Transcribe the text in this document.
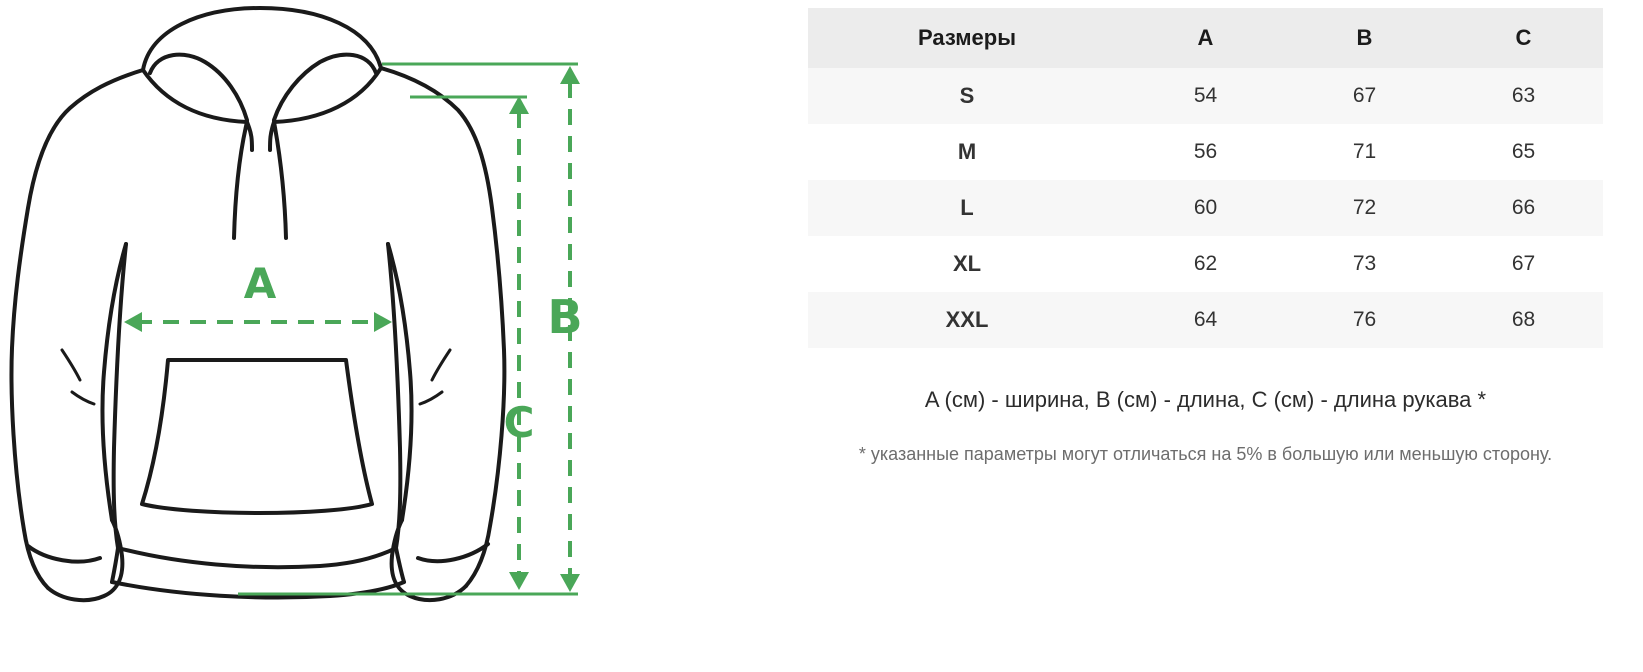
A
B
C
Размеры	A	B	C
S	54	67	63
M	56	71	65
L	60	72	66
XL	62	73	67
XXL	64	76	68
A (см) - ширина, B (см) - длина, C (см) - длина рукава *
* указанные параметры могут отличаться на 5% в большую или меньшую сторону.
